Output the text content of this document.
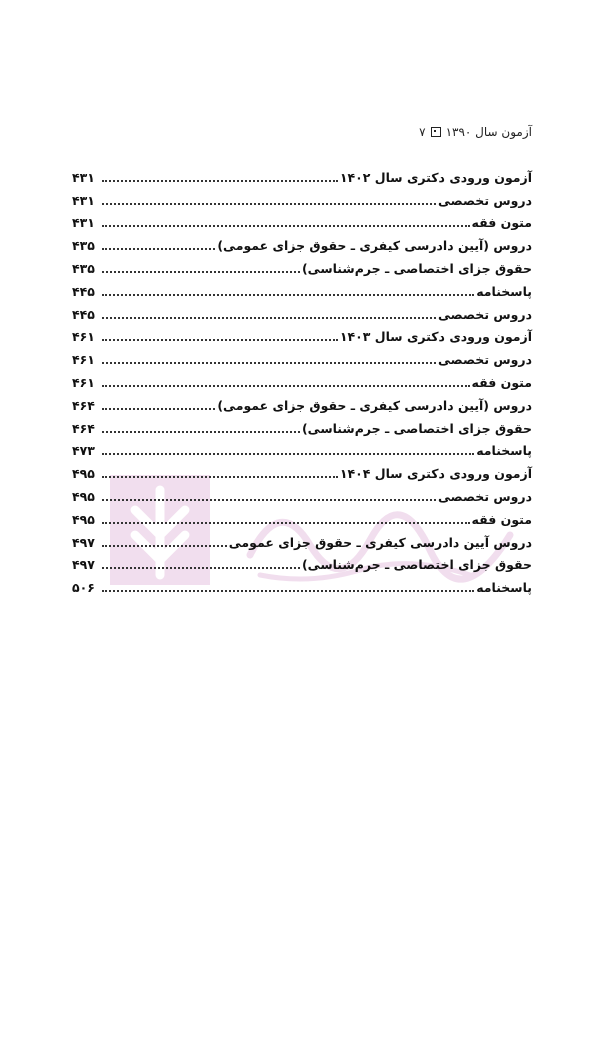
آزمون سال ۱۳۹۰
۷
آزمون ورودی دکتری سال ۱۴۰۲
۴۳۱
دروس تخصصی
۴۳۱
متون فقه
۴۳۱
دروس (آیین دادرسی کیفری ـ حقوق جزای عمومی)
۴۳۵
حقوق جزای اختصاصی ـ جرم‌شناسی)
۴۳۵
پاسخنامه
۴۴۵
دروس تخصصی
۴۴۵
آزمون ورودی دکتری سال ۱۴۰۳
۴۶۱
دروس تخصصی
۴۶۱
متون فقه
۴۶۱
دروس (آیین دادرسی کیفری ـ حقوق جزای عمومی)
۴۶۴
حقوق جزای اختصاصی ـ جرم‌شناسی)
۴۶۴
پاسخنامه
۴۷۳
آزمون ورودی دکتری سال ۱۴۰۴
۴۹۵
دروس تخصصی
۴۹۵
متون فقه
۴۹۵
دروس آیین دادرسی کیفری ـ حقوق جزای عمومی
۴۹۷
حقوق جزای اختصاصی ـ جرم‌شناسی)
۴۹۷
پاسخنامه
۵۰۶
